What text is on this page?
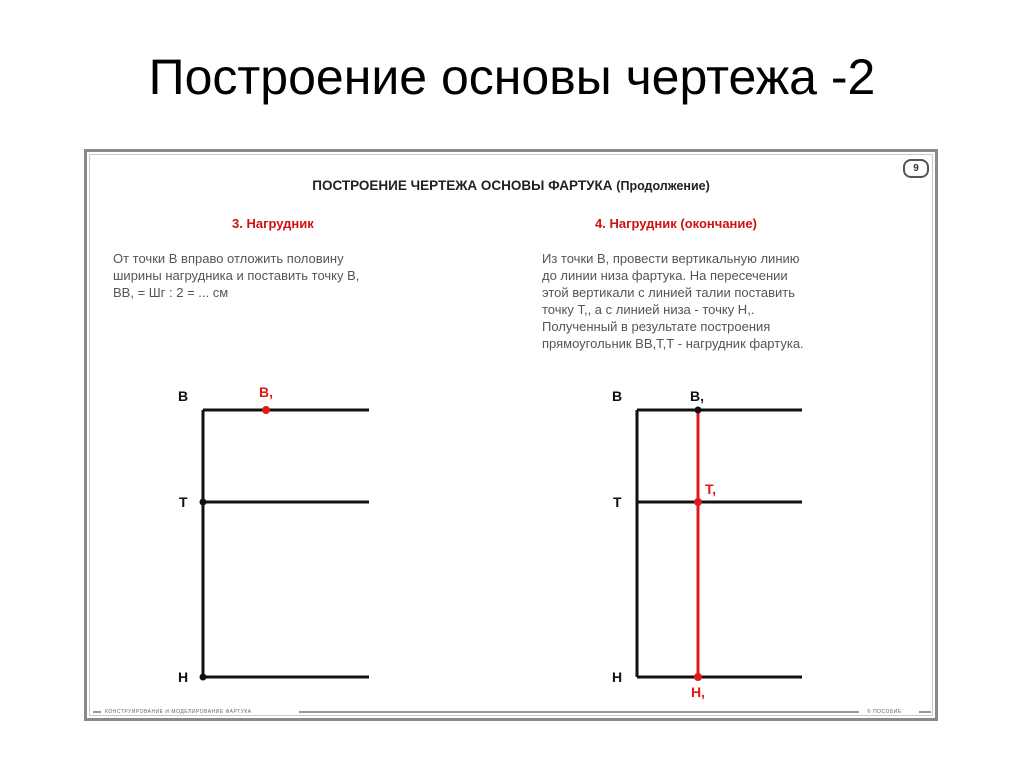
Построение основы чертежа -2
9
ПОСТРОЕНИЕ ЧЕРТЕЖА ОСНОВЫ ФАРТУКА (Продолжение)
3. Нагрудник
От точки В вправо отложить половину
ширины нагрудника и поставить точку В,
ВВ, = Шг : 2 = ... см
4. Нагрудник (окончание)
Из точки В, провести вертикальную линию
до линии низа фартука. На пересечении
этой вертикали с линией талии поставить
точку Т,, а с линией низа - точку Н,.
Полученный в результате построения
прямоугольник ВВ,Т,Т - нагрудник фартука.
КОНСТРУИРОВАНИЕ И МОДЕЛИРОВАНИЕ ФАРТУКА	© ПОСОБИЕ
В
Т
Н
В,	В
Т
Н
В,
Т,
Н,
